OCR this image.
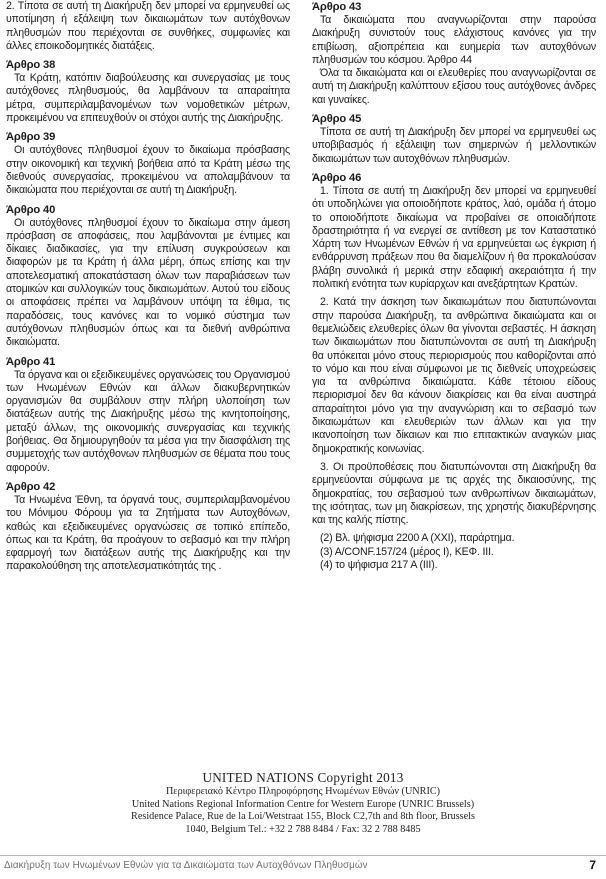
2. Τίποτα σε αυτή τη Διακήρυξη δεν μπορεί να ερμηνευθεί ως υποτίμηση ή εξάλειψη των δικαιωμάτων των αυτόχθονων πληθυσμών που περιέχονται σε συνθήκες, συμφωνίες και άλλες εποικοδομητικές διατάξεις.

Άρθρο 38

Τα Κράτη, κατόπιν διαβούλευσης και συνεργασίας με τους αυτόχθονες πληθυσμούς, θα λαμβάνουν τα απαραίτητα μέτρα, συμπεριλαμβανομένων των νομοθετικών μέτρων, προκειμένου να επιτευχθούν οι στόχοι αυτής της Διακήρυξης.

Άρθρο 39

Οι αυτόχθονες πληθυσμοί έχουν το δικαίωμα πρόσβασης στην οικονομική και τεχνική βοήθεια από τα Κράτη μέσω της διεθνούς συνεργασίας, προκειμένου να απολαμβάνουν τα δικαιώματα που περιέχονται σε αυτή τη Διακήρυξη.

Άρθρο 40

Οι αυτόχθονες πληθυσμοί έχουν το δικαίωμα στην άμεση πρόσβαση σε αποφάσεις, που λαμβάνονται με έντιμες και δίκαιες διαδικασίες, για την επίλυση συγκρούσεων και διαφορών με τα Κράτη ή άλλα μέρη, όπως επίσης και την αποτελεσματική αποκατάσταση όλων των παραβιάσεων των ατομικών και συλλογικών τους δικαιωμάτων. Αυτού του είδους οι αποφάσεις πρέπει να λαμβάνουν υπόψη τα έθιμα, τις παραδόσεις, τους κανόνες και το νομικό σύστημα των αυτόχθονων πληθυσμών όπως και τα διεθνή ανθρώπινα δικαιώματα.

Άρθρο 41

Τα όργανα και οι εξειδικευμένες οργανώσεις του Οργανισμού των Ηνωμένων Εθνών και άλλων διακυβερνητικών οργανισμών θα συμβάλουν στην πλήρη υλοποίηση των διατάξεων αυτής της Διακήρυξης μέσω της κινητοποίησης, μεταξύ άλλων, της οικονομικής συνεργασίας και τεχνικής βοήθειας. Θα δημιουργηθούν τα μέσα για την διασφάλιση της συμμετοχής των αυτόχθονων πληθυσμών σε θέματα που τους αφορούν.

Άρθρο 42

Τα Ηνωμένα Έθνη, τα όργανά τους, συμπεριλαμβανομένου του Μόνιμου Φόρουμ για τα Ζητήματα των Αυτοχθόνων, καθώς και εξειδικευμένες οργανώσεις σε τοπικό επίπεδο, όπως και τα Κράτη, θα προάγουν το σεβασμό και την πλήρη εφαρμογή των διατάξεων αυτής της Διακήρυξης και την παρακολούθηση της αποτελεσματικότητάς της .

Άρθρο 43

Τα δικαιώματα που αναγνωρίζονται στην παρούσα Διακήρυξη συνιστούν τους ελάχιστους κανόνες για την επιβίωση, αξιοπρέπεια και ευημερία των αυτοχθόνων πληθυσμών του κόσμου. Άρθρο 44

Όλα τα δικαιώματα και οι ελευθερίες που αναγνωρίζονται σε αυτή τη Διακήρυξη καλύπτουν εξίσου τους αυτόχθονες άνδρες και γυναίκες.

Άρθρο 45

Τίποτα σε αυτή τη Διακήρυξη δεν μπορεί να ερμηνευθεί ως υποβιβασμός ή εξάλειψη των σημερινών ή μελλοντικών δικαιωμάτων των αυτοχθόνων πληθυσμών.

Άρθρο 46

1. Τίποτα σε αυτή τη Διακήρυξη δεν μπορεί να ερμηνευθεί ότι υποδηλώνει για οποιοδήποτε κράτος, λαό, ομάδα ή άτομο το οποιοδήποτε δικαίωμα να προβαίνει σε οποιαδήποτε δραστηριότητα ή να ενεργεί σε αντίθεση με τον Καταστατικό Χάρτη των Ηνωμένων Εθνών ή να ερμηνεύεται ως έγκριση ή ενθάρρυνση πράξεων που θα διαμελίζουν ή θα προκαλούσαν βλάβη συνολικά ή μερικά στην εδαφική ακεραιότητα ή την πολιτική ενότητα των κυρίαρχων και ανεξάρτητων Κρατών.

2. Κατά την άσκηση των δικαιωμάτων που διατυπώνονται στην παρούσα Διακήρυξη, τα ανθρώπινα δικαιώματα και οι θεμελιώδεις ελευθερίες όλων θα γίνονται σεβαστές. Η άσκηση των δικαιωμάτων που διατυπώνονται σε αυτή τη Διακήρυξη θα υπόκειται μόνο στους περιορισμούς που καθορίζονται από το νόμο και που είναι σύμφωνοι με τις διεθνείς υποχρεώσεις για τα ανθρώπινα δικαιώματα. Κάθε τέτοιου είδους περιορισμοί δεν θα κάνουν διακρίσεις και θα είναι αυστηρά απαραίτητοι μόνο για την αναγνώριση και το σεβασμό των δικαιωμάτων και ελευθεριών των άλλων και για την ικανοποίηση των δίκαιων και πιο επιτακτικών αναγκών μιας δημοκρατικής κοινωνίας.

3. Οι προϋποθέσεις που διατυπώνονται στη Διακήρυξη θα ερμηνεύονται σύμφωνα με τις αρχές της δικαιοσύνης, της δημοκρατίας, του σεβασμού των ανθρωπίνων δικαιωμάτων, της ισότητας, των μη διακρίσεων, της χρηστής διακυβέρνησης και της καλής πίστης.

(2) Βλ. ψήφισμα 2200 Α (XXI), παράρτημα.

(3) A/CONF.157/24 (μέρος Ι), ΚΕΦ. III.

(4) το ψήφισμα 217 Α (III).

UNITED NATIONS Copyright 2013
Περιφερειακό Κέντρο Πληροφόρησης Ηνωμένων Εθνών (UNRIC)
United Nations Regional Information Centre for Western Europe (UNRIC Brussels)
Residence Palace, Rue de la Loi/Wetstraat 155, Block C2,7th and 8th floor, Brussels
1040, Belgium Tel.: +32 2 788 8484 / Fax: 32 2 788 8485
Διακήρυξη των Ηνωμένων Εθνών για τα Δικαιώματα των Αυτοχθόνων Πληθυσμών	7
